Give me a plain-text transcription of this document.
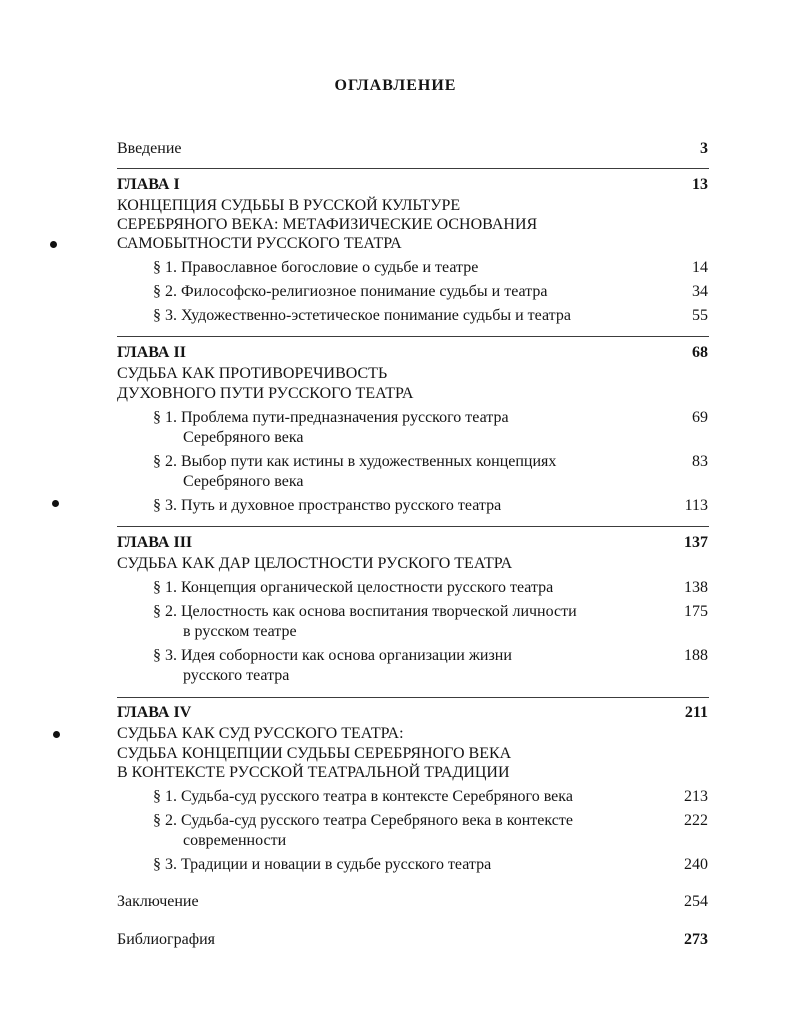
ОГЛАВЛЕНИЕ
Введение	3
ГЛАВА I	13
КОНЦЕПЦИЯ СУДЬБЫ В РУССКОЙ КУЛЬТУРЕ
СЕРЕБРЯНОГО ВЕКА: МЕТАФИЗИЧЕСКИЕ ОСНОВАНИЯ
САМОБЫТНОСТИ РУССКОГО ТЕАТРА
§ 1. Православное богословие о судьбе и театре	14
§ 2. Философско-религиозное понимание судьбы и театра	34
§ 3. Художественно-эстетическое понимание судьбы и театра	55
ГЛАВА II	68
СУДЬБА КАК ПРОТИВОРЕЧИВОСТЬ
ДУХОВНОГО ПУТИ РУССКОГО ТЕАТРА
§ 1. Проблема пути-предназначения русского театра	69
Серебряного века
§ 2. Выбор пути как истины в художественных концепциях	83
Серебряного века
§ 3. Путь и духовное пространство русского театра	113
ГЛАВА III	137
СУДЬБА КАК ДАР ЦЕЛОСТНОСТИ РУСКОГО ТЕАТРА
§ 1. Концепция органической целостности русского театра	138
§ 2. Целостность как основа воспитания творческой личности	175
в русском театре
§ 3. Идея соборности как основа организации жизни	188
русского театра
ГЛАВА IV	211
СУДЬБА КАК СУД РУССКОГО ТЕАТРА:
СУДЬБА КОНЦЕПЦИИ СУДЬБЫ СЕРЕБРЯНОГО ВЕКА
В КОНТЕКСТЕ РУССКОЙ ТЕАТРАЛЬНОЙ ТРАДИЦИИ
§ 1. Судьба-суд русского театра в контексте Серебряного века	213
§ 2. Судьба-суд русского театра Серебряного века в контексте	222
современности
§ 3. Традиции и новации в судьбе русского театра	240
Заключение	254
Библиография	273
